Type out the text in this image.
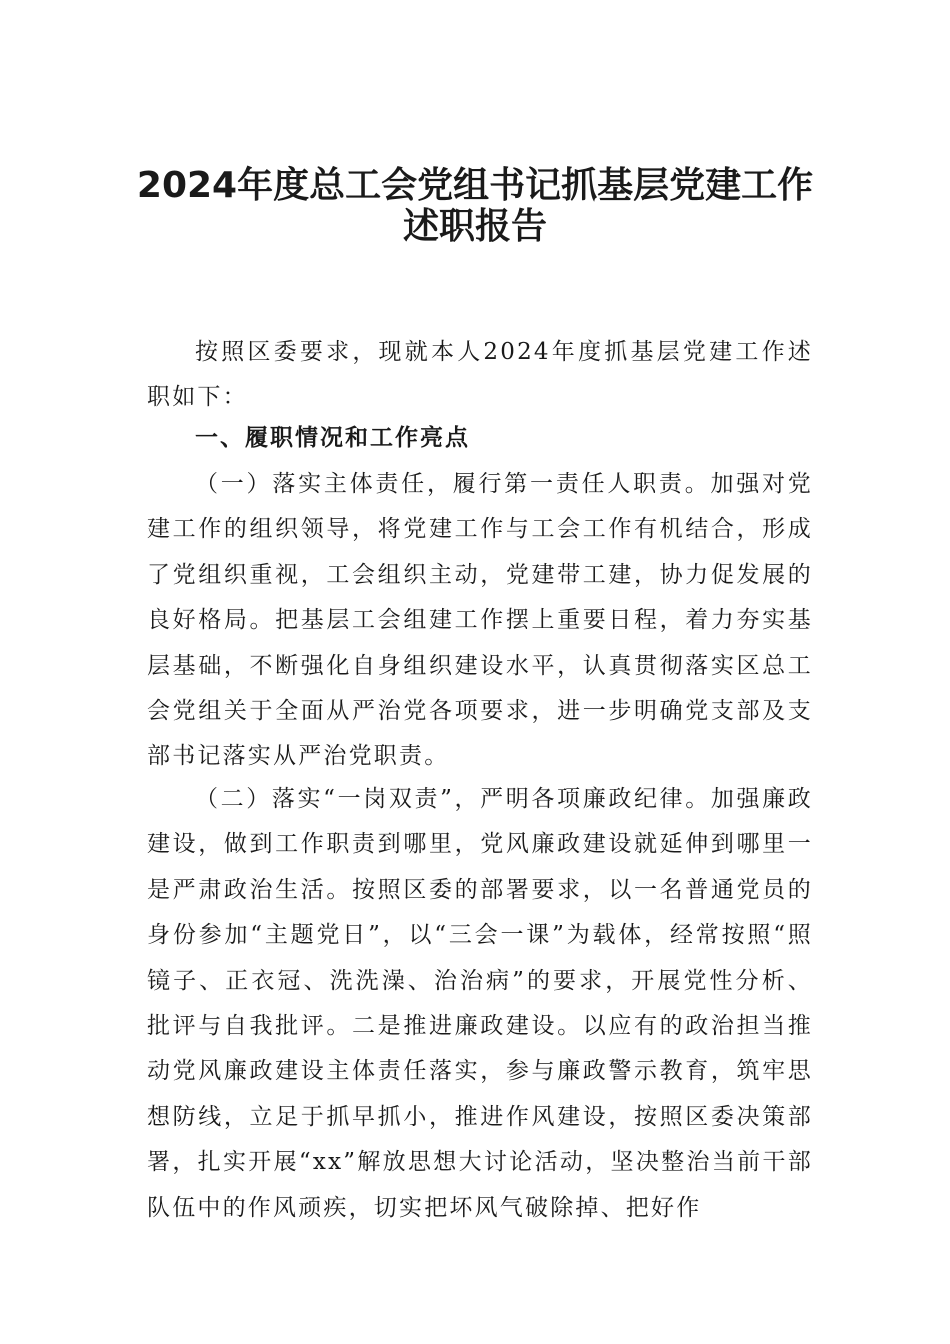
2024年度总工会党组书记抓基层党建工作
述职报告

按照区委要求，现就本人2024年度抓基层党建工作述职如下：

一、履职情况和工作亮点

（一）落实主体责任，履行第一责任人职责。加强对党建工作的组织领导，将党建工作与工会工作有机结合，形成了党组织重视，工会组织主动，党建带工建，协力促发展的良好格局。把基层工会组建工作摆上重要日程，着力夯实基层基础，不断强化自身组织建设水平，认真贯彻落实区总工会党组关于全面从严治党各项要求，进一步明确党支部及支部书记落实从严治党职责。

（二）落实“一岗双责”，严明各项廉政纪律。加强廉政建设，做到工作职责到哪里，党风廉政建设就延伸到哪里一是严肃政治生活。按照区委的部署要求，以一名普通党员的身份参加“主题党日”，以“三会一课”为载体，经常按照“照镜子、正衣冠、洗洗澡、治治病”的要求，开展党性分析、批评与自我批评。二是推进廉政建设。以应有的政治担当推动党风廉政建设主体责任落实，参与廉政警示教育，筑牢思想防线，立足于抓早抓小，推进作风建设，按照区委决策部署，扎实开展“xx”解放思想大讨论活动，坚决整治当前干部队伍中的作风顽疾，切实把坏风气破除掉、把好作
